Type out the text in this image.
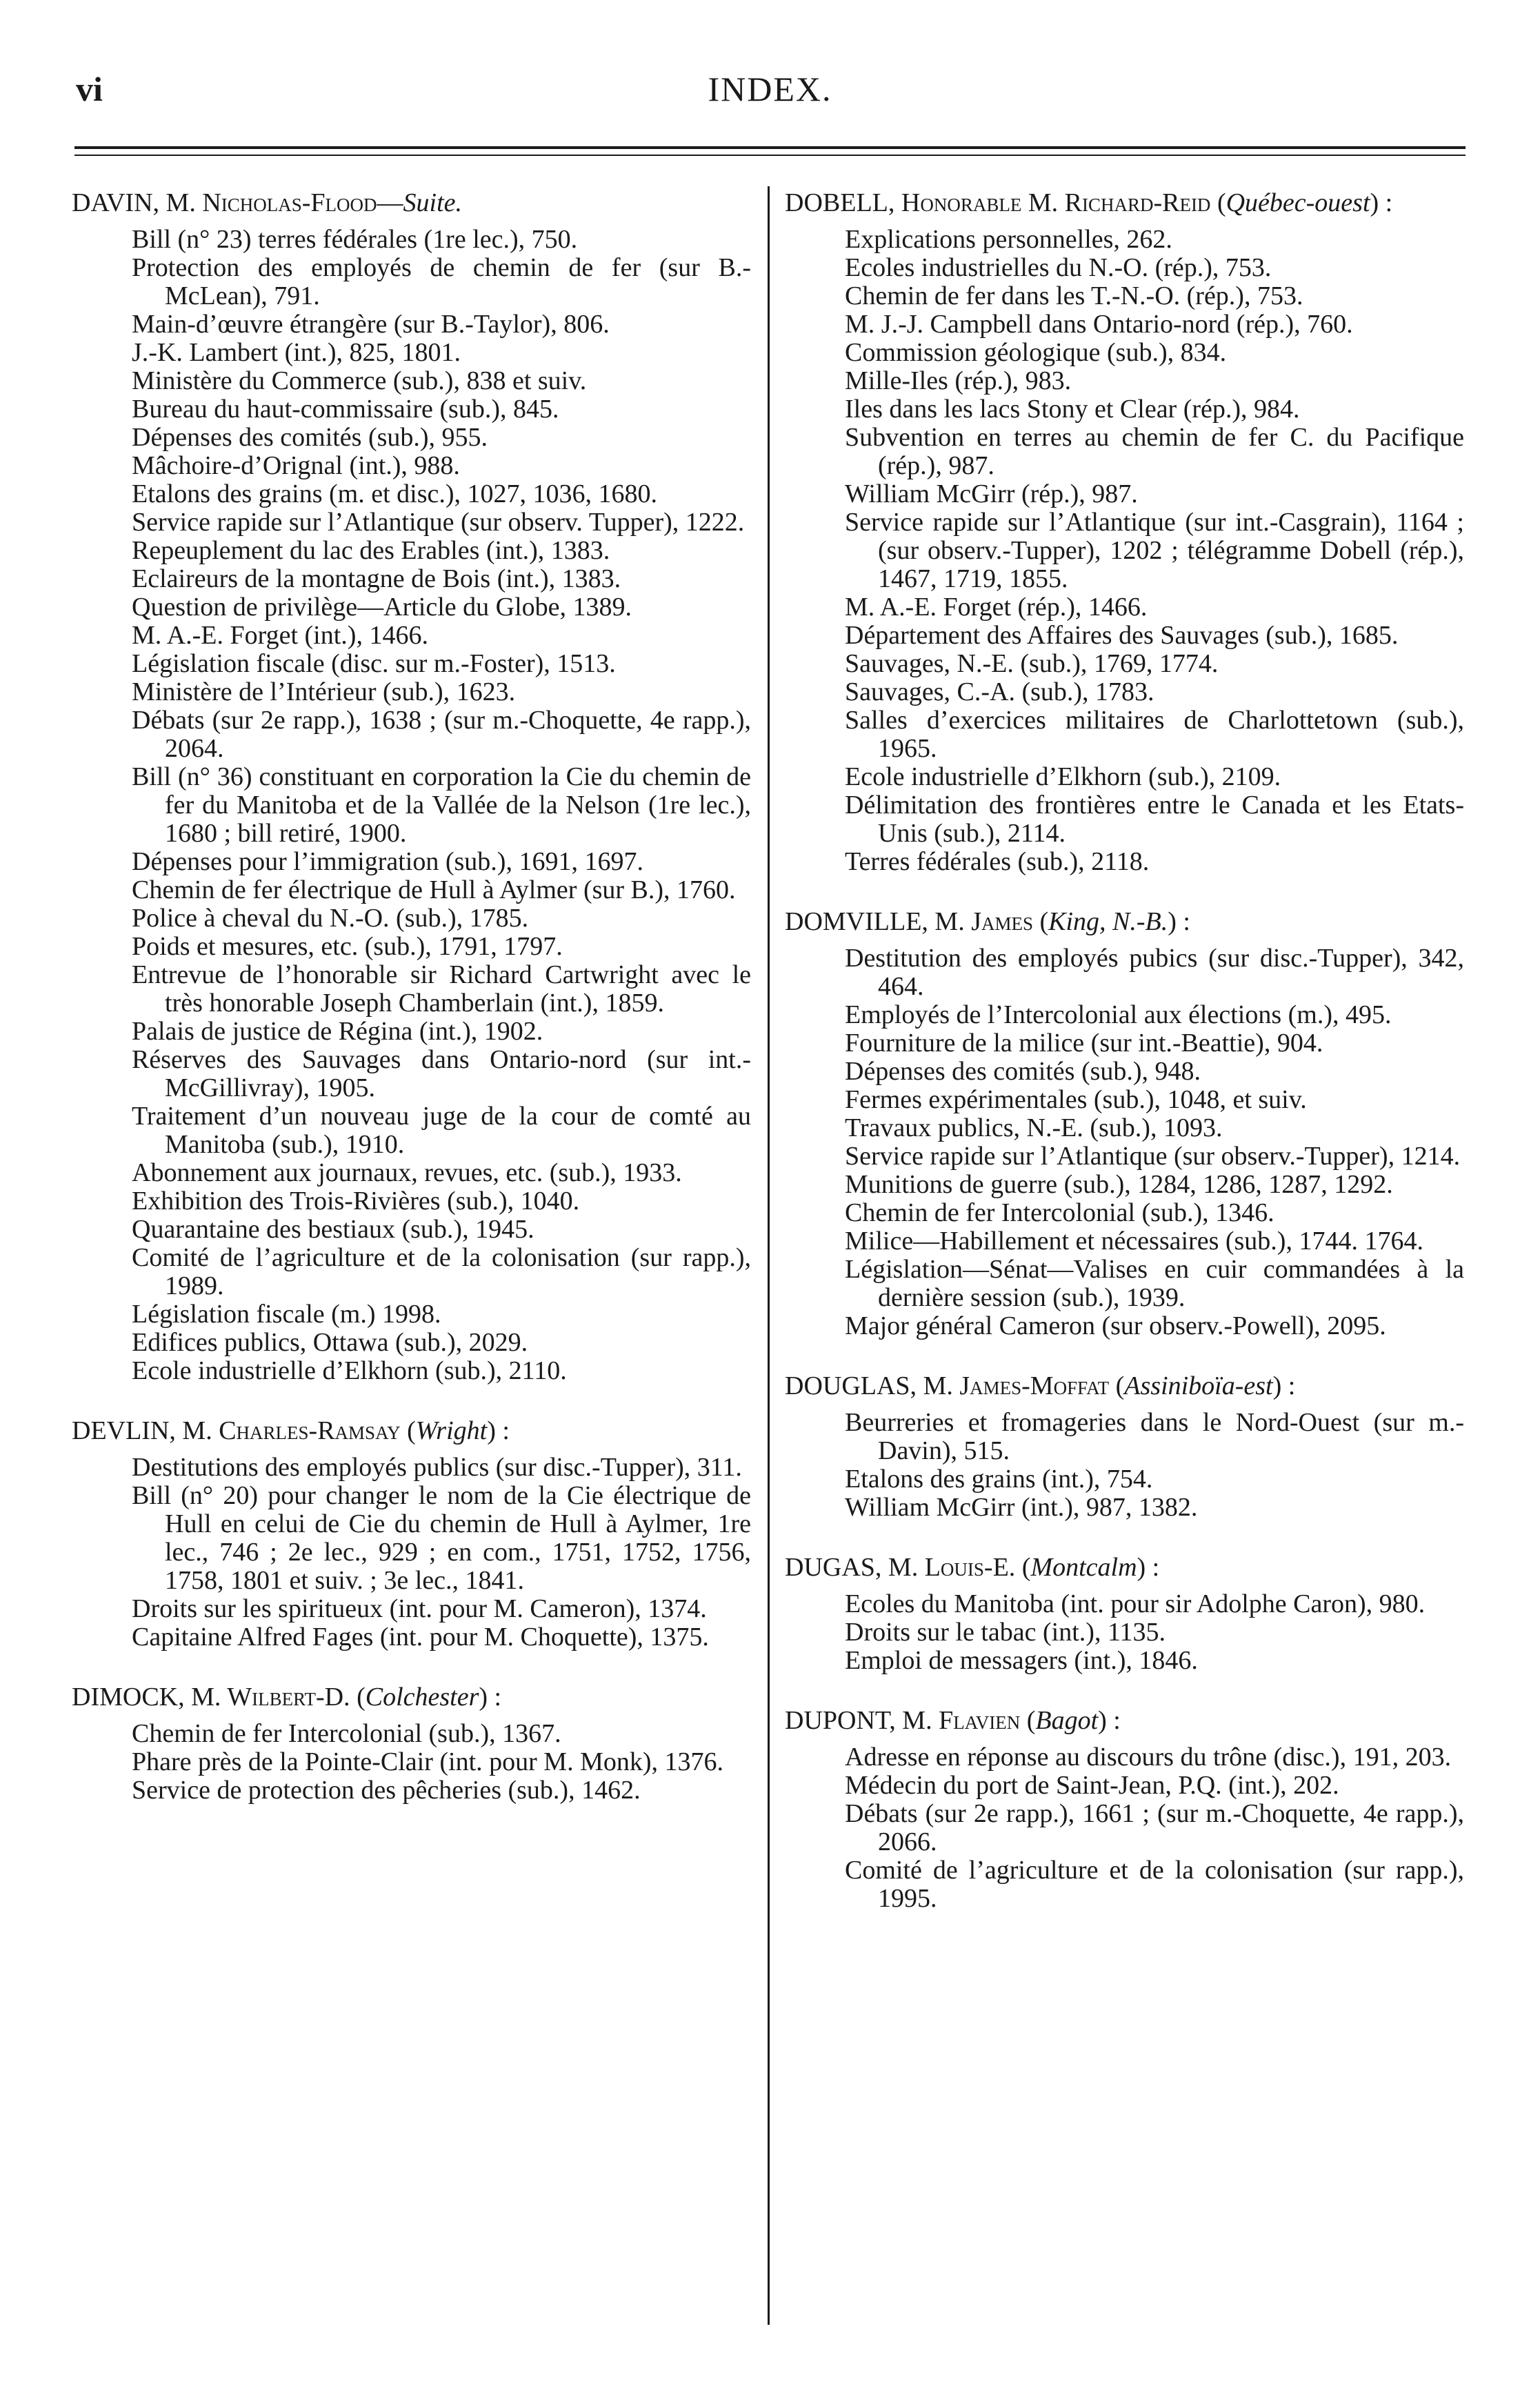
vi	INDEX.
DAVIN, M. Nicholas-Flood—Suite.
Bill (n° 23) terres fédérales (1re lec.), 750.
Protection des employés de chemin de fer (sur B.-McLean), 791.
Main-d’œuvre étrangère (sur B.-Taylor), 806.
J.-K. Lambert (int.), 825, 1801.
Ministère du Commerce (sub.), 838 et suiv.
Bureau du haut-commissaire (sub.), 845.
Dépenses des comités (sub.), 955.
Mâchoire-d’Orignal (int.), 988.
Etalons des grains (m. et disc.), 1027, 1036, 1680.
Service rapide sur l’Atlantique (sur observ. Tupper), 1222.
Repeuplement du lac des Erables (int.), 1383.
Eclaireurs de la montagne de Bois (int.), 1383.
Question de privilège—Article du Globe, 1389.
M. A.-E. Forget (int.), 1466.
Législation fiscale (disc. sur m.-Foster), 1513.
Ministère de l’Intérieur (sub.), 1623.
Débats (sur 2e rapp.), 1638 ; (sur m.-Choquette, 4e rapp.), 2064.
Bill (n° 36) constituant en corporation la Cie du chemin de fer du Manitoba et de la Vallée de la Nelson (1re lec.), 1680 ; bill retiré, 1900.
Dépenses pour l’immigration (sub.), 1691, 1697.
Chemin de fer électrique de Hull à Aylmer (sur B.), 1760.
Police à cheval du N.-O. (sub.), 1785.
Poids et mesures, etc. (sub.), 1791, 1797.
Entrevue de l’honorable sir Richard Cartwright avec le très honorable Joseph Chamberlain (int.), 1859.
Palais de justice de Régina (int.), 1902.
Réserves des Sauvages dans Ontario-nord (sur int.-McGillivray), 1905.
Traitement d’un nouveau juge de la cour de comté au Manitoba (sub.), 1910.
Abonnement aux journaux, revues, etc. (sub.), 1933.
Exhibition des Trois-Rivières (sub.), 1040.
Quarantaine des bestiaux (sub.), 1945.
Comité de l’agriculture et de la colonisation (sur rapp.), 1989.
Législation fiscale (m.) 1998.
Edifices publics, Ottawa (sub.), 2029.
Ecole industrielle d’Elkhorn (sub.), 2110.
DEVLIN, M. Charles-Ramsay (Wright) :
Destitutions des employés publics (sur disc.-Tupper), 311.
Bill (n° 20) pour changer le nom de la Cie électrique de Hull en celui de Cie du chemin de Hull à Aylmer, 1re lec., 746 ; 2e lec., 929 ; en com., 1751, 1752, 1756, 1758, 1801 et suiv. ; 3e lec., 1841.
Droits sur les spiritueux (int. pour M. Cameron), 1374.
Capitaine Alfred Fages (int. pour M. Choquette), 1375.
DIMOCK, M. Wilbert-D. (Colchester) :
Chemin de fer Intercolonial (sub.), 1367.
Phare près de la Pointe-Clair (int. pour M. Monk), 1376.
Service de protection des pêcheries (sub.), 1462.
DOBELL, Honorable M. Richard-Reid (Québec-ouest) :
Explications personnelles, 262.
Ecoles industrielles du N.-O. (rép.), 753.
Chemin de fer dans les T.-N.-O. (rép.), 753.
M. J.-J. Campbell dans Ontario-nord (rép.), 760.
Commission géologique (sub.), 834.
Mille-Iles (rép.), 983.
Iles dans les lacs Stony et Clear (rép.), 984.
Subvention en terres au chemin de fer C. du Pacifique (rép.), 987.
William McGirr (rép.), 987.
Service rapide sur l’Atlantique (sur int.-Casgrain), 1164 ; (sur observ.-Tupper), 1202 ; télégramme Dobell (rép.), 1467, 1719, 1855.
M. A.-E. Forget (rép.), 1466.
Département des Affaires des Sauvages (sub.), 1685.
Sauvages, N.-E. (sub.), 1769, 1774.
Sauvages, C.-A. (sub.), 1783.
Salles d’exercices militaires de Charlottetown (sub.), 1965.
Ecole industrielle d’Elkhorn (sub.), 2109.
Délimitation des frontières entre le Canada et les Etats-Unis (sub.), 2114.
Terres fédérales (sub.), 2118.
DOMVILLE, M. James (King, N.-B.) :
Destitution des employés pubics (sur disc.-Tupper), 342, 464.
Employés de l’Intercolonial aux élections (m.), 495.
Fourniture de la milice (sur int.-Beattie), 904.
Dépenses des comités (sub.), 948.
Fermes expérimentales (sub.), 1048, et suiv.
Travaux publics, N.-E. (sub.), 1093.
Service rapide sur l’Atlantique (sur observ.-Tupper), 1214.
Munitions de guerre (sub.), 1284, 1286, 1287, 1292.
Chemin de fer Intercolonial (sub.), 1346.
Milice—Habillement et nécessaires (sub.), 1744. 1764.
Législation—Sénat—Valises en cuir commandées à la dernière session (sub.), 1939.
Major général Cameron (sur observ.-Powell), 2095.
DOUGLAS, M. James-Moffat (Assiniboïa-est) :
Beurreries et fromageries dans le Nord-Ouest (sur m.-Davin), 515.
Etalons des grains (int.), 754.
William McGirr (int.), 987, 1382.
DUGAS, M. Louis-E. (Montcalm) :
Ecoles du Manitoba (int. pour sir Adolphe Caron), 980.
Droits sur le tabac (int.), 1135.
Emploi de messagers (int.), 1846.
DUPONT, M. Flavien (Bagot) :
Adresse en réponse au discours du trône (disc.), 191, 203.
Médecin du port de Saint-Jean, P.Q. (int.), 202.
Débats (sur 2e rapp.), 1661 ; (sur m.-Choquette, 4e rapp.), 2066.
Comité de l’agriculture et de la colonisation (sur rapp.), 1995.
